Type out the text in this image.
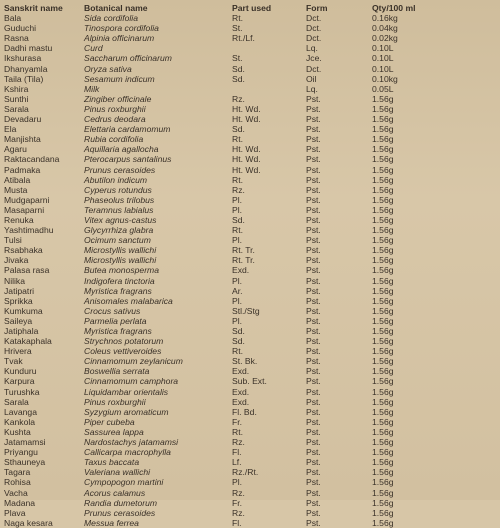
Sanskrit name	Botanical name	Part used	Form	Qty/100 ml
Bala	Sida cordifolia	Rt.	Dct.	0.16kg
Guduchi	Tinospora cordifolia	St.	Dct.	0.04kg
Rasna	Alpinia officinarum	Rt./Lf.	Dct.	0.02kg
Dadhi mastu	Curd		Lq.	0.10L
Ikshurasa	Saccharum officinarum	St.	Jce.	0.10L
Dhanyamla	Oryza sativa	Sd.	Dct.	0.10L
Taila (Tila)	Sesamum indicum	Sd.	Oil	0.10kg
Kshira	Milk		Lq.	0.05L
Sunthi	Zingiber officinale	Rz.	Pst.	1.56g
Sarala	Pinus roxburghii	Ht. Wd.	Pst.	1.56g
Devadaru	Cedrus deodara	Ht. Wd.	Pst.	1.56g
Ela	Elettaria cardamomum	Sd.	Pst.	1.56g
Manjishta	Rubia cordifolia	Rt.	Pst.	1.56g
Agaru	Aquillaria agallocha	Ht. Wd.	Pst.	1.56g
Raktacandana	Pterocarpus santalinus	Ht. Wd.	Pst.	1.56g
Padmaka	Prunus cerasoides	Ht. Wd.	Pst.	1.56g
Atibala	Abutilon indicum	Rt.	Pst.	1.56g
Musta	Cyperus rotundus	Rz.	Pst.	1.56g
Mudgaparni	Phaseolus trilobus	Pl.	Pst.	1.56g
Masaparni	Teramnus labialus	Pl.	Pst.	1.56g
Renuka	Vitex agnus-castus	Sd.	Pst.	1.56g
Yashtimadhu	Glycyrrhiza glabra	Rt.	Pst.	1.56g
Tulsi	Ocimum sanctum	Pl.	Pst.	1.56g
Rsabhaka	Microstyllis wallichi	Rt. Tr.	Pst.	1.56g
Jivaka	Microstyllis wallichi	Rt. Tr.	Pst.	1.56g
Palasa rasa	Butea monosperma	Exd.	Pst.	1.56g
Nilika	Indigofera tinctoria	Pl.	Pst.	1.56g
Jatipatri	Myristica fragrans	Ar.	Pst.	1.56g
Sprikka	Anisomales malabarica	Pl.	Pst.	1.56g
Kumkuma	Crocus sativus	Stl./Stg	Pst.	1.56g
Saileya	Parmelia perlata	Pl.	Pst.	1.56g
Jatiphala	Myristica fragrans	Sd.	Pst.	1.56g
Katakaphala	Strychnos potatorum	Sd.	Pst.	1.56g
Hrivera	Coleus vettiveroides	Rt.	Pst.	1.56g
Tvak	Cinnamomum zeylanicum	St. Bk.	Pst.	1.56g
Kunduru	Boswellia serrata	Exd.	Pst.	1.56g
Karpura	Cinnamomum camphora	Sub. Ext.	Pst.	1.56g
Turushka	Liquidambar orientalis	Exd.	Pst.	1.56g
Sarala	Pinus roxburghii	Exd.	Pst.	1.56g
Lavanga	Syzygium aromaticum	Fl. Bd.	Pst.	1.56g
Kankola	Piper cubeba	Fr.	Pst.	1.56g
Kushta	Sassurea lappa	Rt.	Pst.	1.56g
Jatamamsi	Nardostachys jatamamsi	Rz.	Pst.	1.56g
Priyangu	Callicarpa macrophylla	Fl.	Pst.	1.56g
Sthauneya	Taxus baccata	Lf.	Pst.	1.56g
Tagara	Valeriana wallichi	Rz./Rt.	Pst.	1.56g
Rohisa	Cympopogon martini	Pl.	Pst.	1.56g
Vacha	Acorus calamus	Rz.	Pst.	1.56g
Madana	Randia dumetorum	Fr.	Pst.	1.56g
Plava	Prunus cerasoides	Rz.	Pst.	1.56g
Naga kesara	Messua ferrea	Fl.	Pst.	1.56g
